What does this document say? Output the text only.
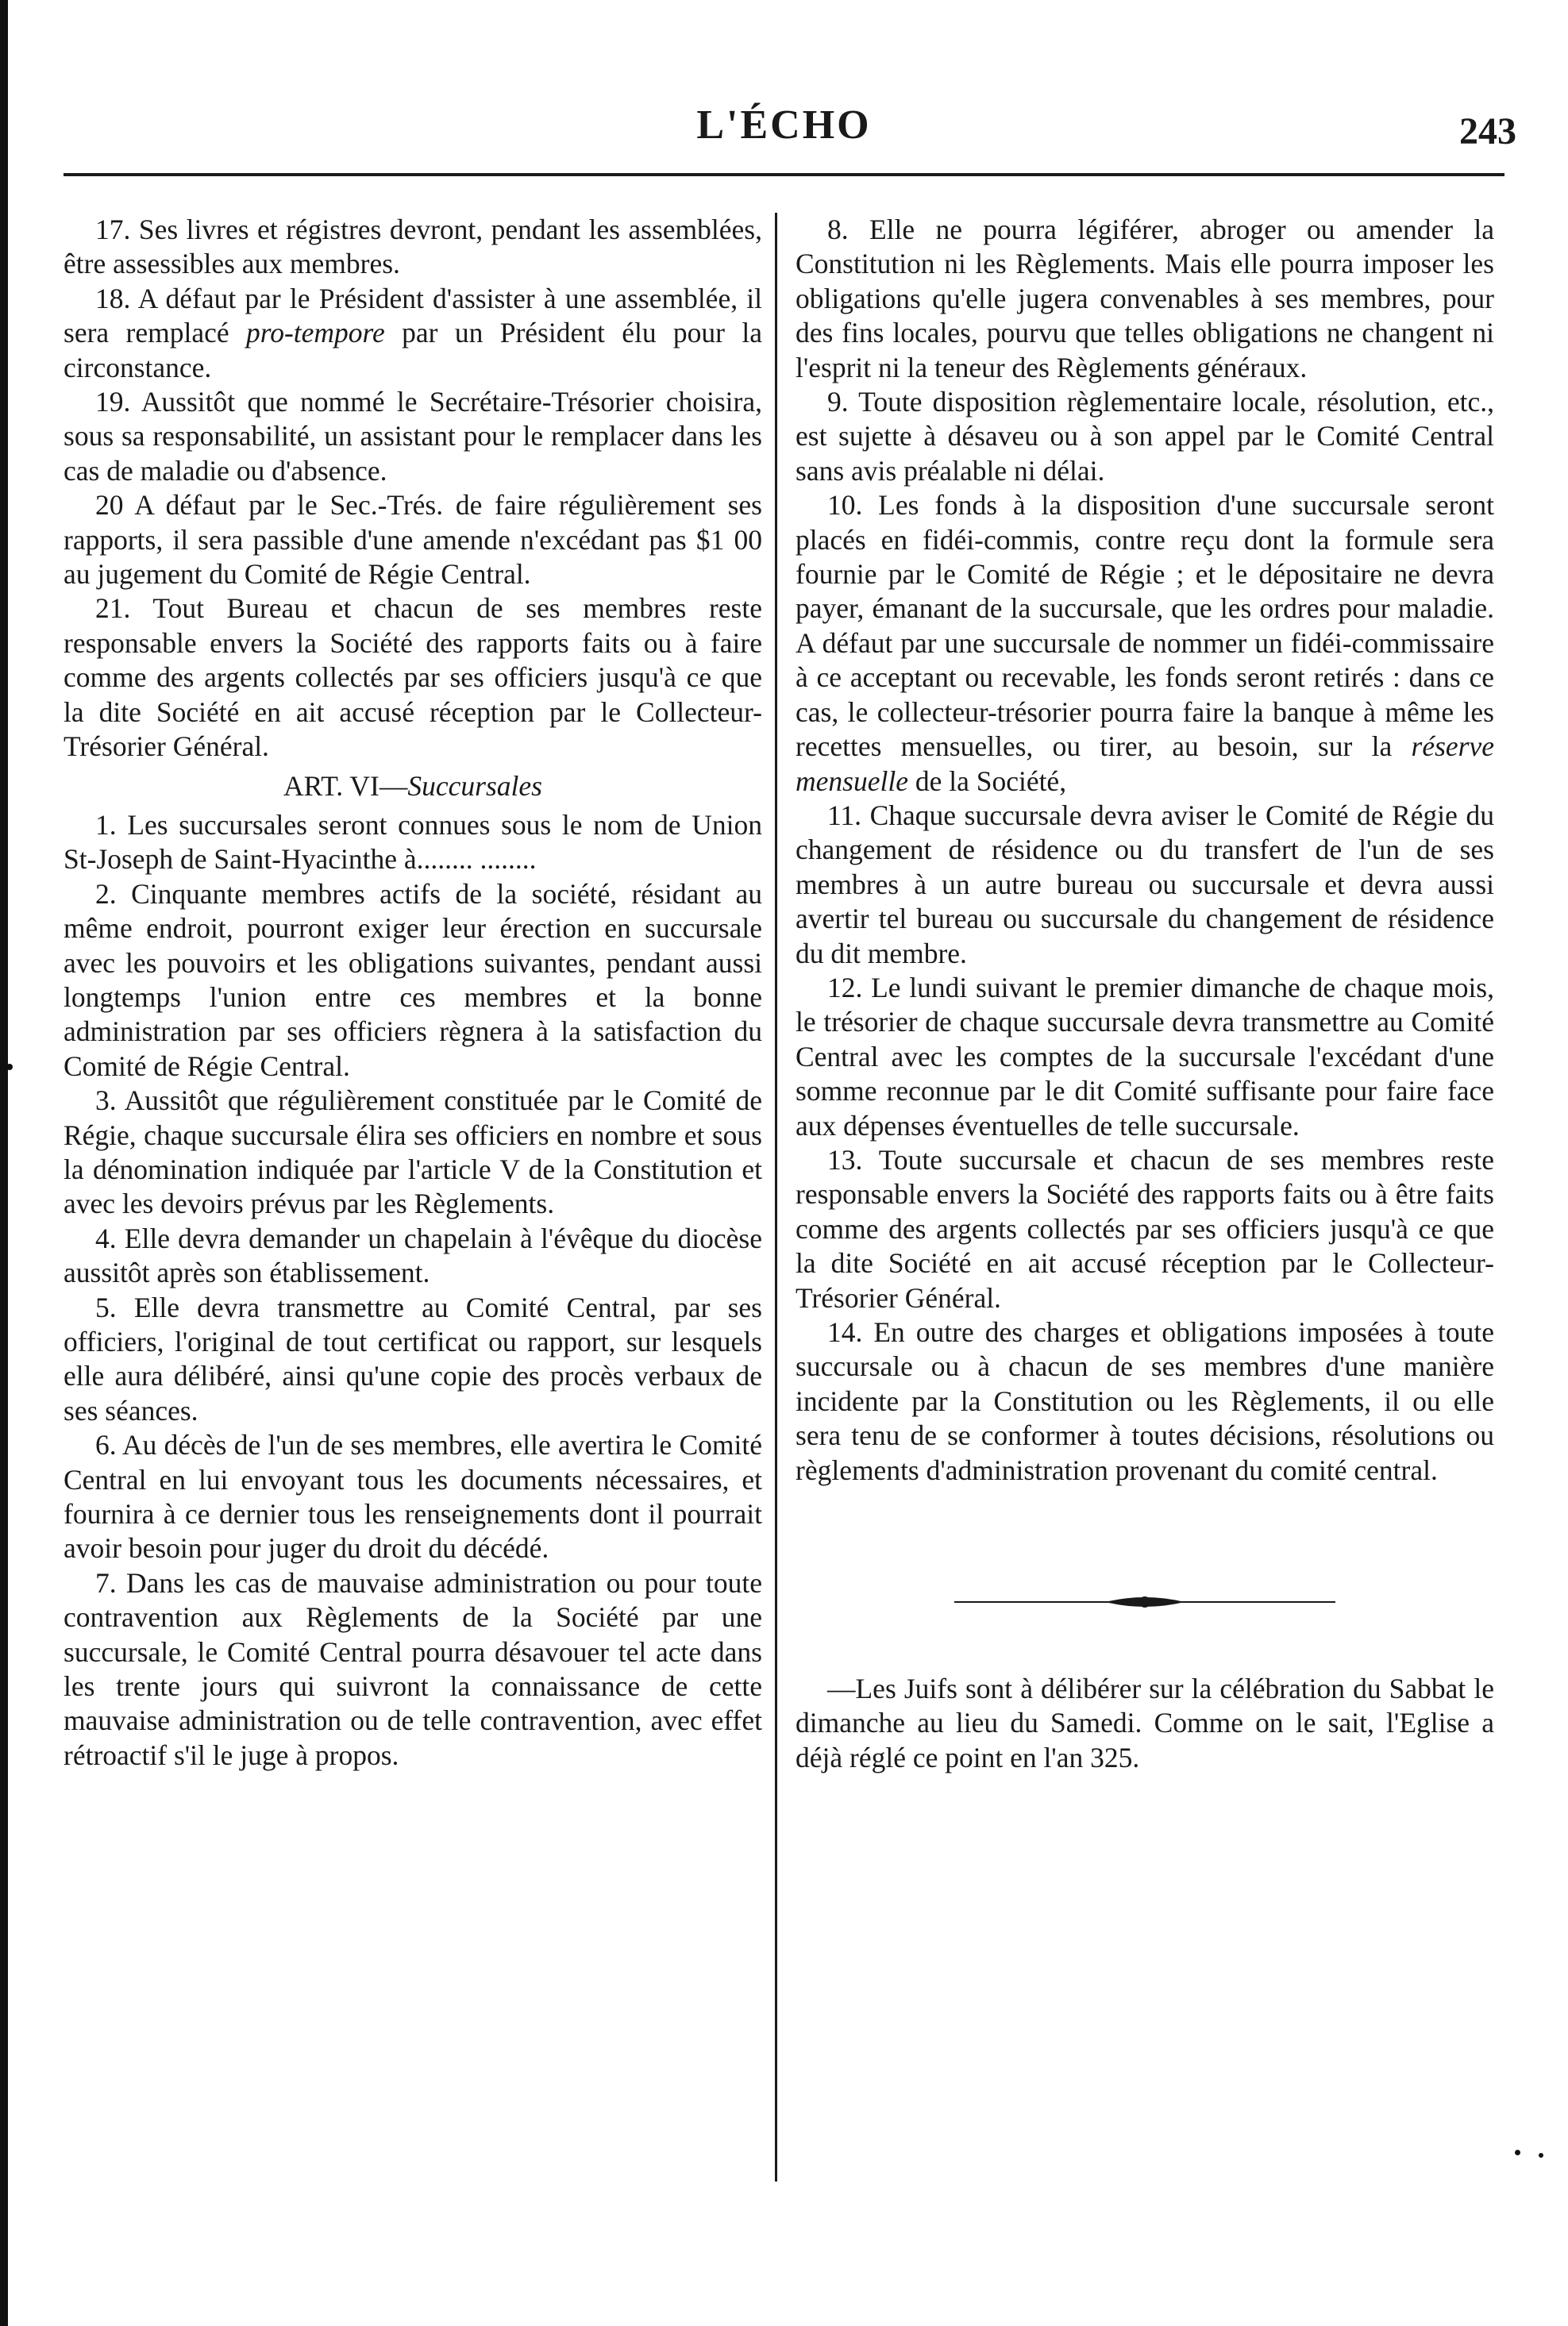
L'ÉCHO	243

17. Ses livres et régistres devront, pendant les assemblées, être assessibles aux membres.

18. A défaut par le Président d'assister à une assemblée, il sera remplacé pro-tempore par un Président élu pour la circonstance.

19. Aussitôt que nommé le Secrétaire-Trésorier choisira, sous sa responsabilité, un assistant pour le remplacer dans les cas de maladie ou d'absence.

20 A défaut par le Sec.-Trés. de faire régulièrement ses rapports, il sera passible d'une amende n'excédant pas $1 00 au jugement du Comité de Régie Central.

21. Tout Bureau et chacun de ses membres reste responsable envers la Société des rapports faits ou à faire comme des argents collectés par ses officiers jusqu'à ce que la dite Société en ait accusé réception par le Collecteur-Trésorier Général.

ART. VI—Succursales

1. Les succursales seront connues sous le nom de Union St-Joseph de Saint-Hyacinthe à........ ........

2. Cinquante membres actifs de la société, résidant au même endroit, pourront exiger leur érection en succursale avec les pouvoirs et les obligations suivantes, pendant aussi longtemps l'union entre ces membres et la bonne administration par ses officiers règnera à la satisfaction du Comité de Régie Central.

3. Aussitôt que régulièrement constituée par le Comité de Régie, chaque succursale élira ses officiers en nombre et sous la dénomination indiquée par l'article V de la Constitution et avec les devoirs prévus par les Règlements.

4. Elle devra demander un chapelain à l'évêque du diocèse aussitôt après son établissement.

5. Elle devra transmettre au Comité Central, par ses officiers, l'original de tout certificat ou rapport, sur lesquels elle aura délibéré, ainsi qu'une copie des procès verbaux de ses séances.

6. Au décès de l'un de ses membres, elle avertira le Comité Central en lui envoyant tous les documents nécessaires, et fournira à ce dernier tous les renseignements dont il pourrait avoir besoin pour juger du droit du décédé.

7. Dans les cas de mauvaise administration ou pour toute contravention aux Règlements de la Société par une succursale, le Comité Central pourra désavouer tel acte dans les trente jours qui suivront la connaissance de cette mauvaise administration ou de telle contravention, avec effet rétroactif s'il le juge à propos.

8. Elle ne pourra légiférer, abroger ou amender la Constitution ni les Règlements. Mais elle pourra imposer les obligations qu'elle jugera convenables à ses membres, pour des fins locales, pourvu que telles obligations ne changent ni l'esprit ni la teneur des Règlements généraux.

9. Toute disposition règlementaire locale, résolution, etc., est sujette à désaveu ou à son appel par le Comité Central sans avis préalable ni délai.

10. Les fonds à la disposition d'une succursale seront placés en fidéi-commis, contre reçu dont la formule sera fournie par le Comité de Régie ; et le dépositaire ne devra payer, émanant de la succursale, que les ordres pour maladie. A défaut par une succursale de nommer un fidéi-commissaire à ce acceptant ou recevable, les fonds seront retirés : dans ce cas, le collecteur-trésorier pourra faire la banque à même les recettes mensuelles, ou tirer, au besoin, sur la réserve mensuelle de la Société,

11. Chaque succursale devra aviser le Comité de Régie du changement de résidence ou du transfert de l'un de ses membres à un autre bureau ou succursale et devra aussi avertir tel bureau ou succursale du changement de résidence du dit membre.

12. Le lundi suivant le premier dimanche de chaque mois, le trésorier de chaque succursale devra transmettre au Comité Central avec les comptes de la succursale l'excédant d'une somme reconnue par le dit Comité suffisante pour faire face aux dépenses éventuelles de telle succursale.

13. Toute succursale et chacun de ses membres reste responsable envers la Société des rapports faits ou à être faits comme des argents collectés par ses officiers jusqu'à ce que la dite Société en ait accusé réception par le Collecteur-Trésorier Général.

14. En outre des charges et obligations imposées à toute succursale ou à chacun de ses membres d'une manière incidente par la Constitution ou les Règlements, il ou elle sera tenu de se conformer à toutes décisions, résolutions ou règlements d'administration provenant du comité central.

—Les Juifs sont à délibérer sur la célébration du Sabbat le dimanche au lieu du Samedi. Comme on le sait, l'Eglise a déjà réglé ce point en l'an 325.
